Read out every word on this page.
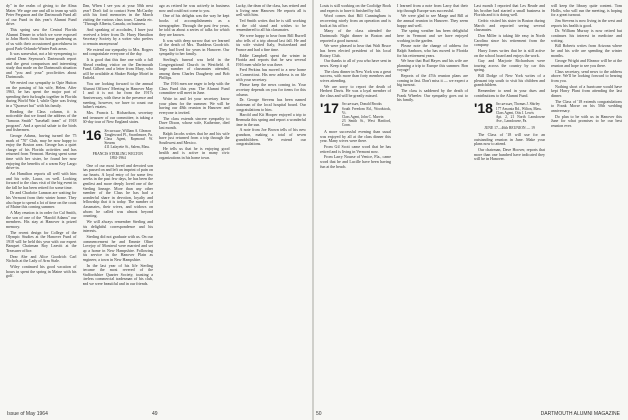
dy" in the realm of giving to the Alma Mater. We urge one and all to team up with Peter Ferguson and the Dartmouth Fund all of our Fund in this year's Alumni Fund drive.

This spring saw the Central Florida Alumni Dinner in which we were exposed to John Hoefs from his home gardening as of us with their accustomed gracefulness in good Park-Orlando-Winter Park areas.

It was somewhat, not a bit-eyeopening to attend Dean Seymour's Dartmouth report and the great comparison and interesting study that made on the Dartmouth situation and "you and your" proclivities about Dartmouth.

We envied our sympathy to Opie Hutton on the passing of his wife, Helen. After 1963, he has spent the major part of spending their furloughs together in Florida during World War I, while Opie was living in a "Quonset hut" with his family.

Reading the Class column, it is noticeable that we found the address of the "famous Smith" "baseball team" of 1918 program". And a special salute to the birds and fishermen.

George Adams, having turned the 75 mark of "70" Club, may be now happy to enjoy the Boston area. George has a quiet charge of his Florida activities and has returned from Vermont. Having spent some time with her sister, he found her now enjoying the benefits of a warm Key Largo drive-in.

Art Hamilton reports all well with him and his wife, Laura, on well. Looking forward to the class visit of the big event in the fall he has been retired for some time.

Dr and Charlotte Lamson are waiting for his Vermont from their winter home. They also hope to spend a lot of time on the coast of Maine this coming summer.

A May reunion is in order for Cal Smith, the son of one of the "Harold Adams" our members. His stay at Hanover is prized memory.

The recent design for College of the Olympic Studies at the Hanover Fund of 1918 will be held this year with our expert Banquet Chairman Roy Leavitt at the Treasurer office.

Dear Abe and Alice Goodrich Carl Nichols at the Lady of Arm Stale.

Wiley continued his good vacation of hours in spent the spring in Maine with his golf.

Dan, When I see you at your 50th next year? Don't fail to contact Sven McCarthy with his fond memories in the March visiting the various class tours. Canada etc. "Through Alberta, Canada, on business.

And speaking of accolades, I have just received a letter from Dr. Harry Hamilton Secretary Society by a writer who prefers to remain anonymous!

We extend our sympathy to Mrs. Rogers and congratulate everyone of the day.

It is good that this fine one with a full Ahead reading visitor on the Dartmouth Fund. Gilbert and a letter from Mary, who will be available at Shaker Bridge Motel in Enfield.

You are looking forward to the annual Alumni Officers' Meeting in Hanover May 1 and it is not far from the 1917s Anniversary, with these in the presence and meeting, however, we have to count our father's estates.

Mrs. Francis L. Richardson, secretary and treasurer of our committee, is taking a 60-day tour of New England states.

'16 Secretary, William A. Gleason
Tanglewood Pl., Swarthmore, Pa.
Class Agent, Raymond W. Stearns
411 Lafayette St., Salem, Mass.
FRANCIS STERLING WELTON
1892-1964

One of our most loved and devoted son has passed on and left an imprint of pain on our hearts. A loyal entry of for some few weeks in the past few days, he has been the gentlest and more deeply loved one of the Sterling lineage. More than any other member of the Class he has had a wonderful share in devotion, loyalty and fellowship that it is today. The number of classmates, their wives, and widows on whom he called was almost beyond counting.

We will always remember Sterling and his delightful correspondence and his interests.

Sterling did not graduate with us. On our commencement he and Emmie Oline Lovejoy of Montreal were married and set up a home in New Hampshire. Following his service in the Hanover Plain as engineer, a town in New Hampshire.

In the last year of his life Sterling became the most revered of the Staffordshire Quarter Society, toasting a tireless commercial tradesman of his club, and we were beautiful and in our friends.

ago as retired he was actively in business now and could not come to you.

One of his delights was the way he kept books of accomplishments as a stenographer. Through the past few years, he told us about a series of talks for which they are known.

It was with deep sorrow that we learned of the death of Mrs. Thaddeus Goodrich. They had lived for years in Hanover. Our sympathy to her family.

Sterling's funeral was held in the Congregational Church in Westfield. A large number of classmates attended, among them Charles Daugherty and Bob Phillips.

The 1916 men are eager to help with the Class Fund this year. The Alumni Fund committee will meet in June.

Write in and let your secretary know your plans for the summer. We will be having our 48th reunion in Hanover and everyone is invited.

The class extends sincere sympathy to Dave Dixon, whose wife, Katherine, died last month.

Ralph Jacobs writes that he and his wife have just returned from a trip through the Southwest and Mexico.

He tells us that he is enjoying good health and is active in many civic organizations in his home town.

Lucky, the dean of the class, has retired and is living near Hanover. He reports all is well with him.

Ted Smith writes that he is still working at the old stand and wishes to be remembered to all his classmates.

We were happy to hear from Bill Burrell who tells of a trip abroad last fall. He and his wife visited Italy, Switzerland and France and had a fine time.

Eddie Campbell spent the winter in Florida and reports that he saw several 1916 men while he was there.

Fred Perkins has moved to a new home in Connecticut. His new address is on file with your secretary.

Please keep the news coming in. Your secretary depends on you for items for this column.

Dr. George Stevens has been named chairman of the local hospital board. Our congratulations to him.

Harold and Kit Hooper enjoyed a trip to Bermuda this spring and report a wonderful time in the sun.

A note from Joe Brown tells of his new grandson, making a total of seven grandchildren. We extend our congratulations.

Issue of May 1964	49

Louis is still working on the Coolidge Book and expects to have it finished by fall.

Word comes that Bill Cunningham is recovering nicely from an operation and is back at his office.

Many of the class attended the Dartmouth Night dinner in Boston and reported a good turnout.

We were pleased to hear that Walt Bruce has been elected president of his local Rotary Club.

Our thanks to all of you who have sent in news. Keep it up!

The class dinner in New York was a great success, with more than forty members and wives attending.

We are sorry to report the death of Herbert Davis. He was a loyal member of the class and will be greatly missed.

'17 Secretary, Donald Brooks
South Freedom Rd., Woodstock, Vt.
Class Agent, John C. Marvin
23 Smith St., West Hartford, Conn.

A more successful evening than usual was enjoyed by all at the class dinner this year. Many wives were there.

From Gil Scott came word that he has retired and is living in Vermont now.

From Larry Nourse of Venice, Fla., came word that he and Lucille have been having fun at the beach.

I learned from a note from Larry that their trip through Europe was successful.

We were glad to see Marge and Bill at the annual reunion in Hanover. They seem happy and well.

The spring weather has been delightful here in Vermont and we have enjoyed working in the garden.

Please note the change of address for Ralph Sanborn, who has moved to Florida for his retirement years.

We hear that Bud Hayes and his wife are planning a trip to Europe this summer. Bon voyage!

Reports of the 47th reunion plans are coming in fast. Don't miss it — we expect a big turnout.

The class is saddened by the death of Frank Wheeler. Our sympathy goes out to his family.

Last month I reported that Les Reade and his brother had started a small business in Florida and it is doing well.

Cedric visited his sister in Boston during March and reported seeing several classmates.

Don Miller is taking life easy in North Carolina since his retirement from the company.

Harry Jones writes that he is still active on the school board and enjoys the work.

Guy and Marjorie Richardson were touring across the country by car this spring.

Bill Dodge of New York writes of a pleasant trip south to visit his children and grandchildren.

Remember to send in your dues and contributions to the Alumni Fund.

'18 Secretary, Thomas J. Shirley
177 Ansonia Rd., Wilton, Mass.
Class Agent, Otis J. Lewis
Apt. 2, 21 North Lansdowne Ave., Lansdowne, Pa.
JUNE 17—46th REUNION — 19

The Class of '18 will use for an outstanding reunion in June. Make your plans now to attend.

Our chairman, Dave Hoover, reports that more than one hundred have indicated they will be in Hanover.

will keep the library quite content. Tom Hollis, who will run the meeting, is hoping for a great turnout.

Jim Stevens is now living in the west and reports his health is good.

Dr. William Murray is now retired but continues his interest in medicine and writing.

Bill Roberts writes from Arizona where he and his wife are spending the winter months.

George Wright and Eleanor will be at the reunion and hope to see you there.

Class secretary, send news to the address above. We'll be looking forward to hearing from you.

Nothing short of a hurricane would have kept Harry Plant from attending the last dinner.

The Class of '18 extends congratulations to Frank Morse on his 50th wedding anniversary.

Do plan to be with us in Hanover this June for what promises to be our best reunion ever.

50	DARTMOUTH ALUMNI MAGAZINE
